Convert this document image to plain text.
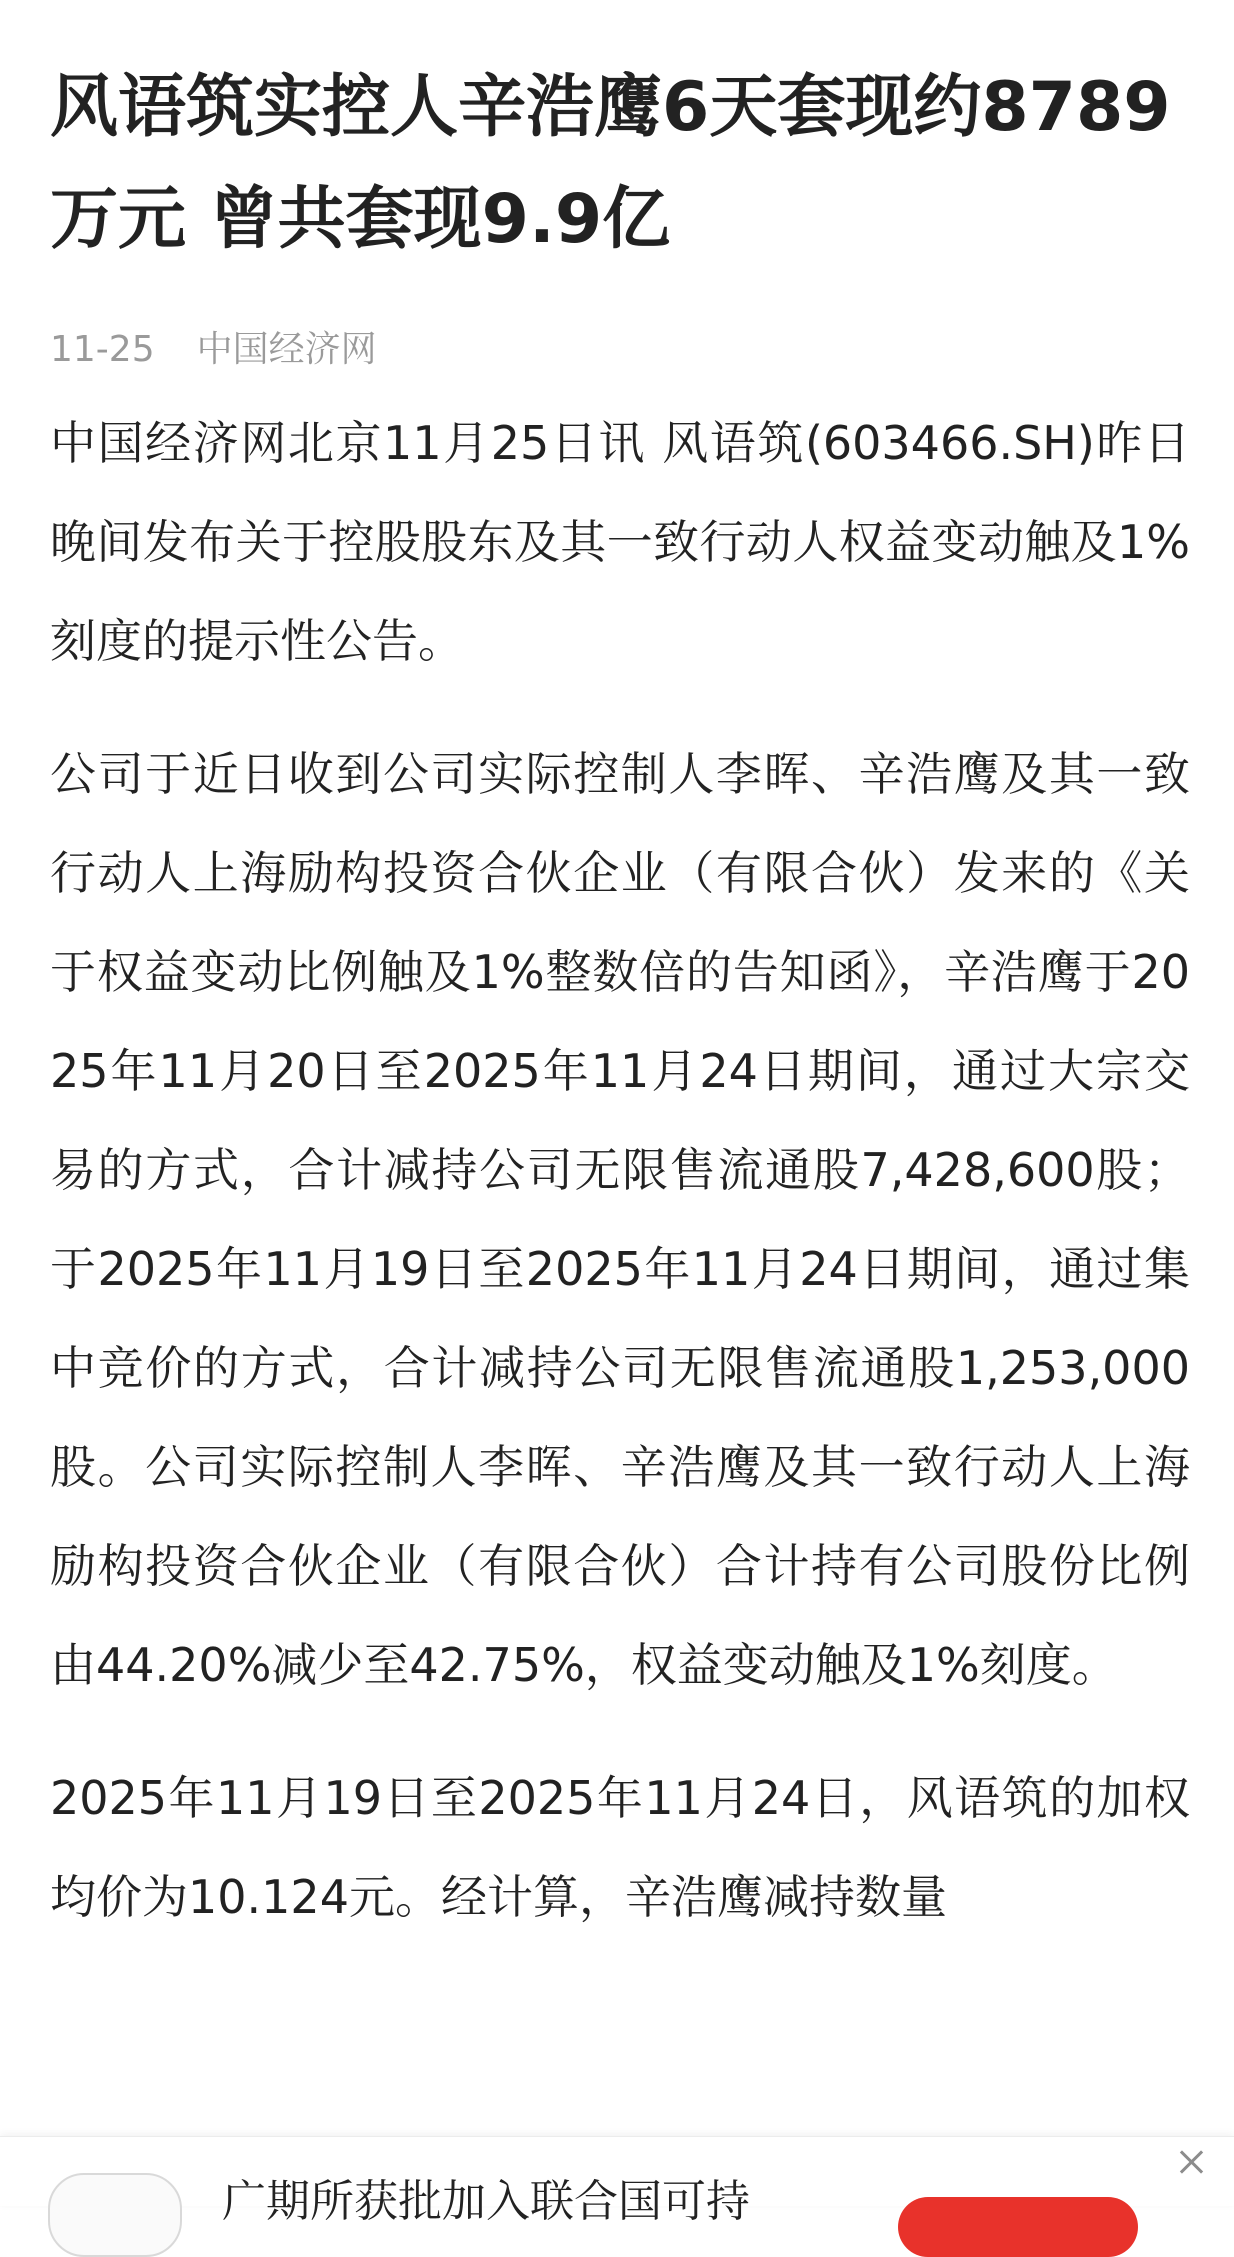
风语筑实控人辛浩鹰6天套现约8789万元 曾共套现9.9亿
11-25 中国经济网

中国经济网北京11月25日讯 风语筑(603466.SH)昨日晚间发布关于控股股东及其一致行动人权益变动触及1%刻度的提示性公告。

公司于近日收到公司实际控制人李晖、辛浩鹰及其一致行动人上海励构投资合伙企业（有限合伙）发来的《关于权益变动比例触及1%整数倍的告知函》，辛浩鹰于2025年11月20日至2025年11月24日期间，通过大宗交易的方式，合计减持公司无限售流通股7,428,600股；于2025年11月19日至2025年11月24日期间，通过集中竞价的方式，合计减持公司无限售流通股1,253,000股。公司实际控制人李晖、辛浩鹰及其一致行动人上海励构投资合伙企业（有限合伙）合计持有公司股份比例由44.20%减少至42.75%，权益变动触及1%刻度。

2025年11月19日至2025年11月24日，风语筑的加权均价为10.124元。经计算，辛浩鹰减持数量

广期所获批加入联合国可持
